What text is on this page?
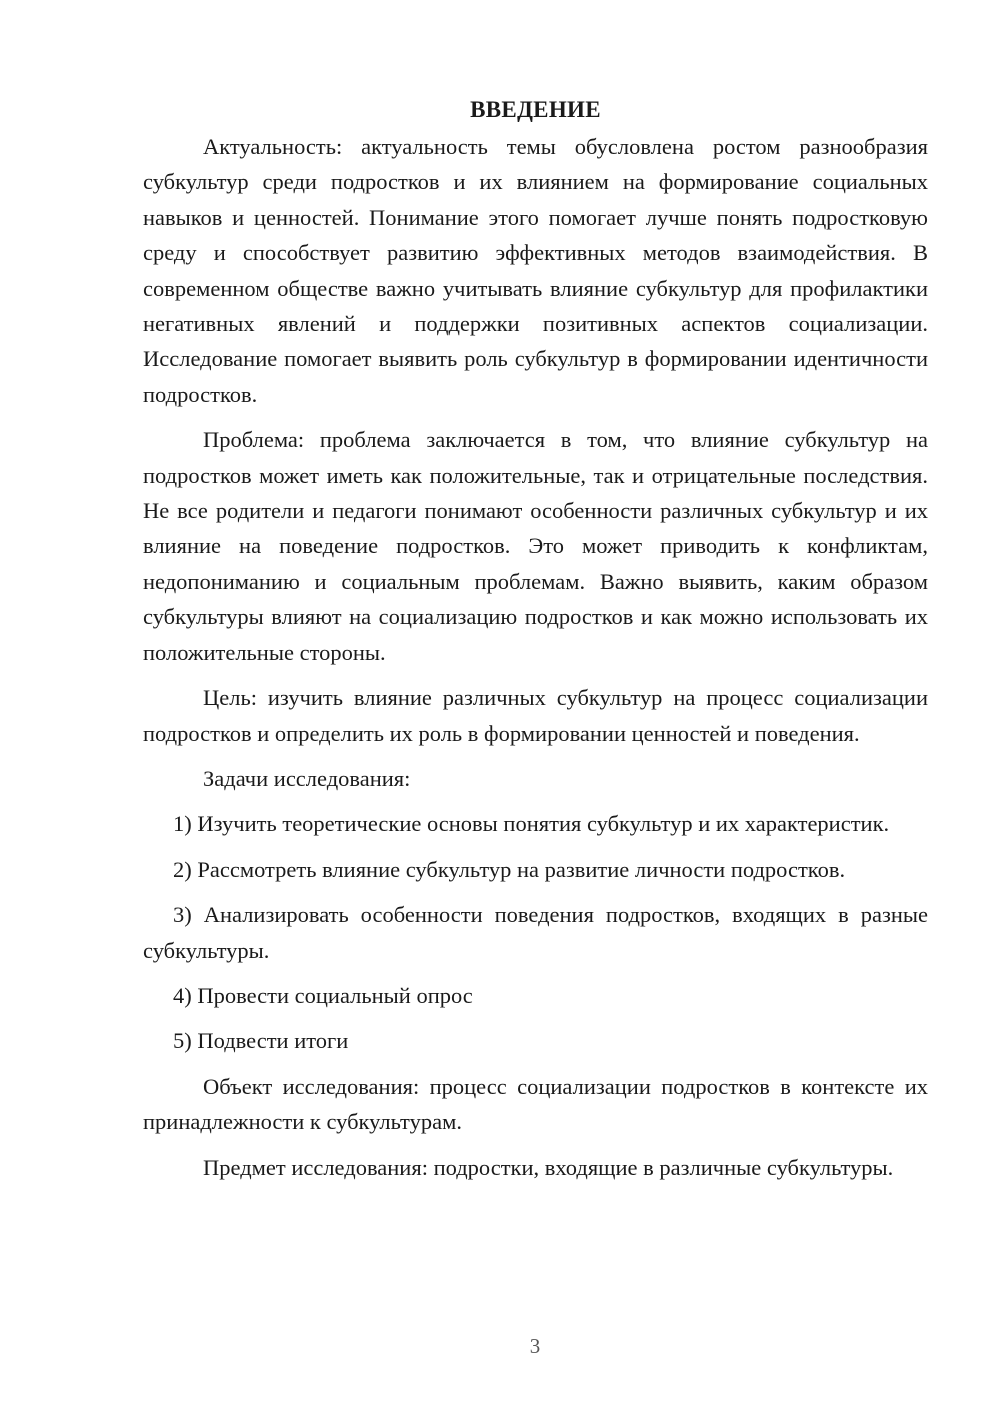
ВВЕДЕНИЕ

Актуальность: актуальность темы обусловлена ростом разнообразия субкультур среди подростков и их влиянием на формирование социальных навыков и ценностей. Понимание этого помогает лучше понять подростковую среду и способствует развитию эффективных методов взаимодействия. В современном обществе важно учитывать влияние субкультур для профилактики негативных явлений и поддержки позитивных аспектов социализации. Исследование помогает выявить роль субкультур в формировании идентичности подростков.

Проблема: проблема заключается в том, что влияние субкультур на подростков может иметь как положительные, так и отрицательные последствия. Не все родители и педагоги понимают особенности различных субкультур и их влияние на поведение подростков. Это может приводить к конфликтам, недопониманию и социальным проблемам. Важно выявить, каким образом субкультуры влияют на социализацию подростков и как можно использовать их положительные стороны.

Цель: изучить влияние различных субкультур на процесс социализации подростков и определить их роль в формировании ценностей и поведения.

Задачи исследования:

1) Изучить теоретические основы понятия субкультур и их характеристик.

2) Рассмотреть влияние субкультур на развитие личности подростков.

3) Анализировать особенности поведения подростков, входящих в разные субкультуры.

4) Провести социальный опрос

5) Подвести итоги

Объект исследования: процесс социализации подростков в контексте их принадлежности к субкультурам.

Предмет исследования: подростки, входящие в различные субкультуры.

3
